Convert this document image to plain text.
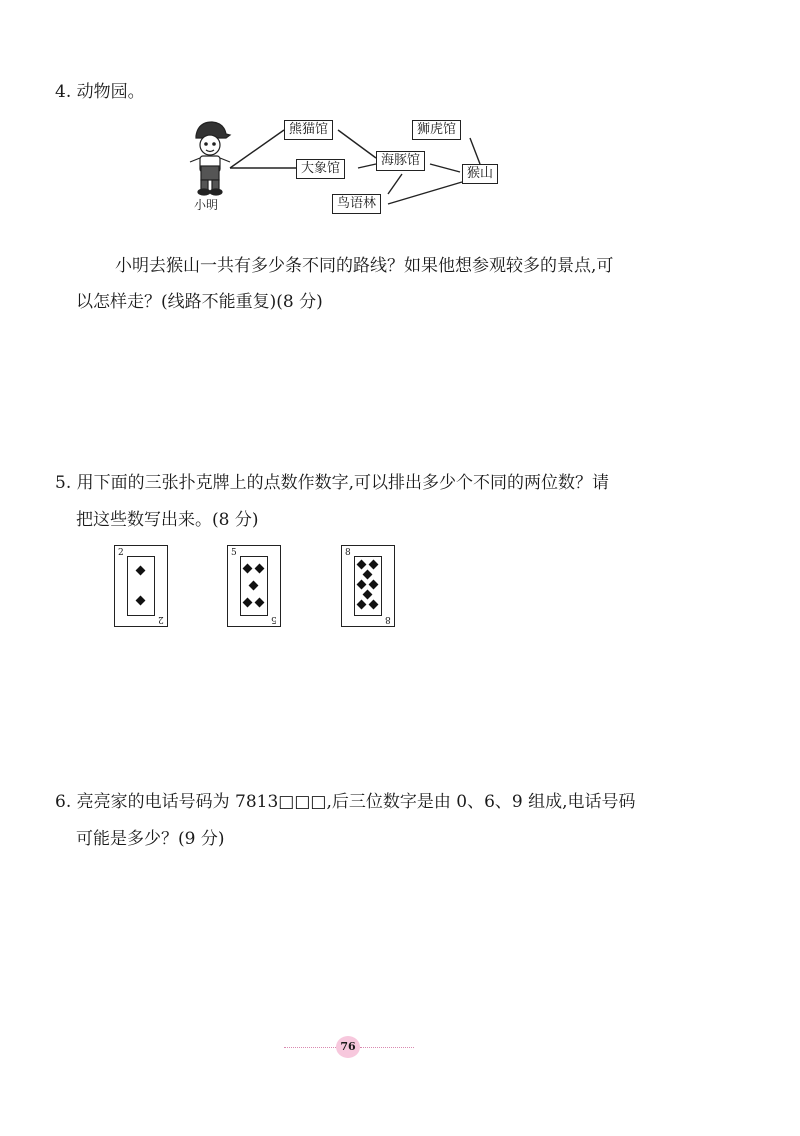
4. 动物园。
小明
熊猫馆
大象馆
海豚馆
鸟语林
狮虎馆
猴山
小明去猴山一共有多少条不同的路线？如果他想参观较多的景点,可
以怎样走？(线路不能重复)(8 分)
5. 用下面的三张扑克牌上的点数作数字,可以排出多少个不同的两位数？请
把这些数写出来。(8 分)
2
2
5
5
8
8
6. 亮亮家的电话号码为 7813□□□,后三位数字是由 0、6、9 组成,电话号码
可能是多少？(9 分)
76
